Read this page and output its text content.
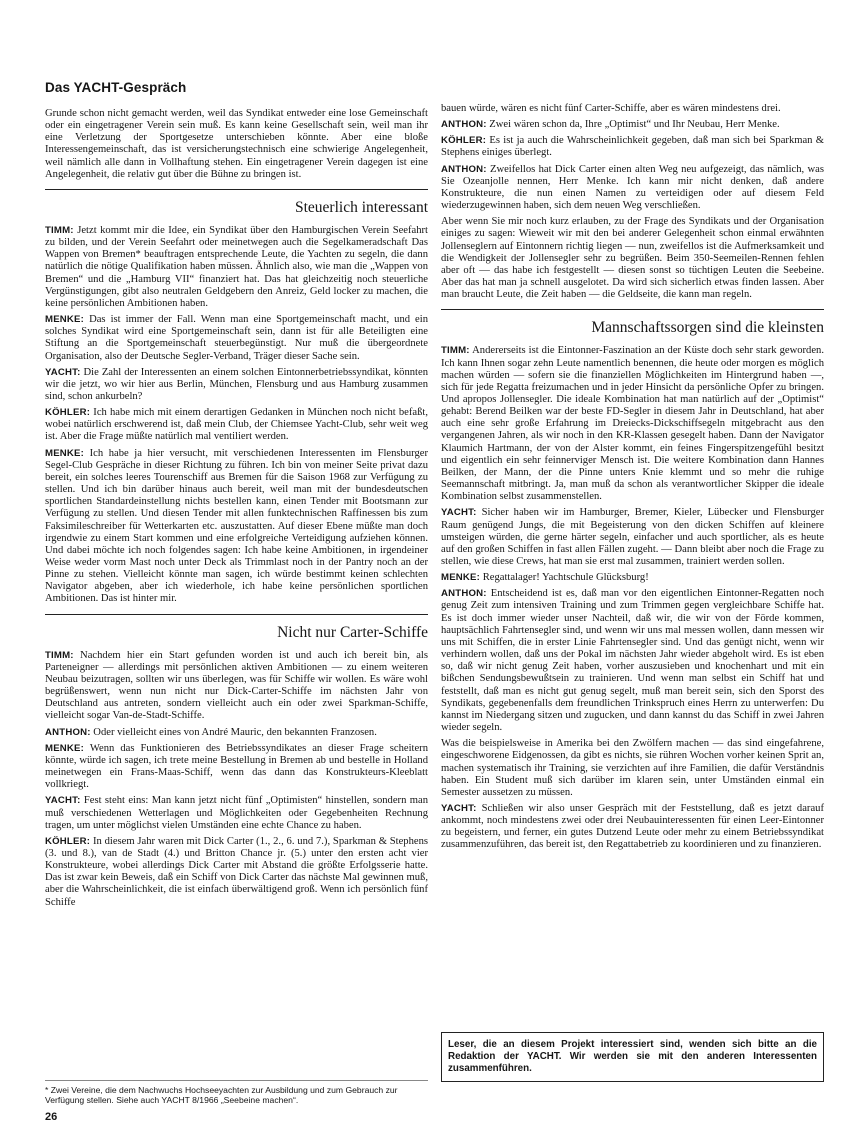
Das YACHT-Gespräch

Grunde schon nicht gemacht werden, weil das Syndikat entweder eine lose Gemeinschaft oder ein eingetragener Verein sein muß. Es kann keine Gesellschaft sein, weil man ihr eine Verletzung der Sportgesetze unterschieben könnte. Aber eine bloße Interessengemeinschaft, das ist versicherungstechnisch eine schwierige Angelegenheit, weil nämlich alle dann in Vollhaftung stehen. Ein eingetragener Verein dagegen ist eine Angelegenheit, die relativ gut über die Bühne zu bringen ist.

Steuerlich interessant

TIMM: Jetzt kommt mir die Idee, ein Syndikat über den Hamburgischen Verein Seefahrt zu bilden, und der Verein Seefahrt oder meinetwegen auch die Segelkameradschaft Das Wappen von Bremen* beauftragen entsprechende Leute, die Yachten zu segeln, die dann natürlich die nötige Qualifikation haben müssen. Ähnlich also, wie man die „Wappen von Bremen“ und die „Hamburg VII“ finanziert hat. Das hat gleichzeitig noch steuerliche Vergünstigungen, gibt also neutralen Geldgebern den Anreiz, Geld locker zu machen, die keine persönlichen Ambitionen haben.

MENKE: Das ist immer der Fall. Wenn man eine Sportgemeinschaft macht, und ein solches Syndikat wird eine Sportgemeinschaft sein, dann ist für alle Beteiligten eine Stiftung an die Sportgemeinschaft steuerbegünstigt. Nur muß die übergeordnete Organisation, also der Deutsche Segler-Verband, Träger dieser Sache sein.

YACHT: Die Zahl der Interessenten an einem solchen Eintonnerbetriebssyndikat, könnten wir die jetzt, wo wir hier aus Berlin, München, Flensburg und aus Hamburg zusammen sind, schon ankurbeln?

KÖHLER: Ich habe mich mit einem derartigen Gedanken in München noch nicht befaßt, wobei natürlich erschwerend ist, daß mein Club, der Chiemsee Yacht-Club, sehr weit weg ist. Aber die Frage müßte natürlich mal ventiliert werden.

MENKE: Ich habe ja hier versucht, mit verschiedenen Interessenten im Flensburger Segel-Club Gespräche in dieser Richtung zu führen. Ich bin von meiner Seite privat dazu bereit, ein solches leeres Tourenschiff aus Bremen für die Saison 1968 zur Verfügung zu stellen. Und ich bin darüber hinaus auch bereit, weil man mit der bundesdeutschen sportlichen Standardeinstellung nichts bestellen kann, einen Tender mit Bootsmann zur Verfügung zu stellen. Und diesen Tender mit allen funktechnischen Raffinessen bis zum Faksimileschreiber für Wetterkarten etc. auszustatten. Auf dieser Ebene müßte man doch irgendwie zu einem Start kommen und eine erfolgreiche Verteidigung aufziehen können. Und dabei möchte ich noch folgendes sagen: Ich habe keine Ambitionen, in irgendeiner Weise weder vorm Mast noch unter Deck als Trimmlast noch in der Pantry noch an der Pinne zu stehen. Vielleicht könnte man sagen, ich würde bestimmt keinen schlechten Navigator abgeben, aber ich wiederhole, ich habe keine persönlichen sportlichen Ambitionen. Das ist hinter mir.

Nicht nur Carter-Schiffe

TIMM: Nachdem hier ein Start gefunden worden ist und auch ich bereit bin, als Parteneigner — allerdings mit persönlichen aktiven Ambitionen — zu einem weiteren Neubau beizutragen, sollten wir uns überlegen, was für Schiffe wir wollen. Es wäre wohl begrüßenswert, wenn nun nicht nur Dick-Carter-Schiffe im nächsten Jahr von Deutschland aus antreten, sondern vielleicht auch ein oder zwei Sparkman-Schiffe, vielleicht sogar Van-de-Stadt-Schiffe.

ANTHON: Oder vielleicht eines von André Mauric, den bekannten Franzosen.

MENKE: Wenn das Funktionieren des Betriebssyndikates an dieser Frage scheitern könnte, würde ich sagen, ich trete meine Bestellung in Bremen ab und bestelle in Holland meinetwegen ein Frans-Maas-Schiff, wenn das dann das Konstrukteurs-Kleeblatt vollkriegt.

YACHT: Fest steht eins: Man kann jetzt nicht fünf „Optimisten“ hinstellen, sondern man muß verschiedenen Wetterlagen und Möglichkeiten oder Gegebenheiten Rechnung tragen, um unter möglichst vielen Umständen eine echte Chance zu haben.

KÖHLER: In diesem Jahr waren mit Dick Carter (1., 2., 6. und 7.), Sparkman & Stephens (3. und 8.), van de Stadt (4.) und Britton Chance jr. (5.) unter den ersten acht vier Konstrukteure, wobei allerdings Dick Carter mit Abstand die größte Erfolgsserie hatte. Das ist zwar kein Beweis, daß ein Schiff von Dick Carter das nächste Mal gewinnen muß, aber die Wahrscheinlichkeit, die ist einfach überwältigend groß. Wenn ich persönlich fünf Schiffe

bauen würde, wären es nicht fünf Carter-Schiffe, aber es wären mindestens drei.

ANTHON: Zwei wären schon da, Ihre „Optimist“ und Ihr Neubau, Herr Menke.

KÖHLER: Es ist ja auch die Wahrscheinlichkeit gegeben, daß man sich bei Sparkman & Stephens einiges überlegt.

ANTHON: Zweifellos hat Dick Carter einen alten Weg neu aufgezeigt, das nämlich, was Sie Ozeanjolle nennen, Herr Menke. Ich kann mir nicht denken, daß andere Konstrukteure, die nun einen Namen zu verteidigen oder auf diesem Feld wiederzugewinnen haben, sich dem neuen Weg verschließen.

Aber wenn Sie mir noch kurz erlauben, zu der Frage des Syndikats und der Organisation einiges zu sagen: Wieweit wir mit den bei anderer Gelegenheit schon einmal erwähnten Jollenseglern auf Eintonnern richtig liegen — nun, zweifellos ist die Aufmerksamkeit und die Wendigkeit der Jollensegler sehr zu begrüßen. Beim 350-Seemeilen-Rennen fehlen aber oft — das habe ich festgestellt — diesen sonst so tüchtigen Leuten die Seebeine. Aber das hat man ja schnell ausgelotet. Da wird sich sicherlich etwas finden lassen. Aber man braucht Leute, die Zeit haben — die Geldseite, die kann man regeln.

Mannschaftssorgen sind die kleinsten

TIMM: Andererseits ist die Eintonner-Faszination an der Küste doch sehr stark geworden. Ich kann Ihnen sogar zehn Leute namentlich benennen, die heute oder morgen es möglich machen würden — sofern sie die finanziellen Möglichkeiten im Hintergrund haben —, sich für jede Regatta freizumachen und in jeder Hinsicht da persönliche Opfer zu bringen. Und apropos Jollensegler. Die ideale Kombination hat man natürlich auf der „Optimist“ gehabt: Berend Beilken war der beste FD-Segler in diesem Jahr in Deutschland, hat aber auch eine sehr große Erfahrung im Dreiecks-Dickschiffsegeln mitgebracht aus den vergangenen Jahren, als wir noch in den KR-Klassen gesegelt haben. Dann der Navigator Klaumich Hartmann, der von der Alster kommt, ein feines Fingerspitzengefühl besitzt und eigentlich ein sehr feinnerviger Mensch ist. Die weitere Kombination dann Hannes Beilken, der Mann, der die Pinne unters Knie klemmt und so mehr die ruhige Seemannschaft mitbringt. Ja, man muß da schon als verantwortlicher Skipper die ideale Kombination selbst zusammenstellen.

YACHT: Sicher haben wir im Hamburger, Bremer, Kieler, Lübecker und Flensburger Raum genügend Jungs, die mit Begeisterung von den dicken Schiffen auf kleinere umsteigen würden, die gerne härter segeln, einfacher und auch sportlicher, als es heute auf den großen Schiffen in fast allen Fällen zugeht. — Dann bleibt aber noch die Frage zu stellen, wie diese Crews, hat man sie erst mal zusammen, trainiert werden sollen.

MENKE: Regattalager! Yachtschule Glücksburg!

ANTHON: Entscheidend ist es, daß man vor den eigentlichen Eintonner-Regatten noch genug Zeit zum intensiven Training und zum Trimmen gegen vergleichbare Schiffe hat. Es ist doch immer wieder unser Nachteil, daß wir, die wir von der Förde kommen, hauptsächlich Fahrtensegler sind, und wenn wir uns mal messen wollen, dann messen wir uns mit Schiffen, die in erster Linie Fahrtensegler sind. Und das genügt nicht, wenn wir verhindern wollen, daß uns der Pokal im nächsten Jahr wieder abgeholt wird. Es ist eben so, daß wir nicht genug Zeit haben, vorher auszusieben und knochenhart und mit ein bißchen Sendungsbewußtsein zu trainieren. Und wenn man selbst ein Schiff hat und feststellt, daß man es nicht gut genug segelt, muß man bereit sein, sich den Sporst des Syndikats, gegebenenfalls dem freundlichen Trinkspruch eines Herrn zu unterwerfen: Du kannst im Niedergang sitzen und zugucken, und dann kannst du das Schiff in zwei Jahren wieder segeln.

Was die beispielsweise in Amerika bei den Zwölfern machen — das sind eingefahrene, eingeschworene Eidgenossen, da gibt es nichts, sie rühren Wochen vorher keinen Sprit an, machen systematisch ihr Training, sie verzichten auf ihre Familien, die dafür Verständnis haben. Ein Student muß sich darüber im klaren sein, unter Umständen einmal ein Semester aussetzen zu müssen.

YACHT: Schließen wir also unser Gespräch mit der Feststellung, daß es jetzt darauf ankommt, noch mindestens zwei oder drei Neubauinteressenten für einen Leer-Eintonner zu begeistern, und ferner, ein gutes Dutzend Leute oder mehr zu einem Betriebssyndikat zusammenzuführen, das bereit ist, den Regattabetrieb zu koordinieren und zu finanzieren.

* Zwei Vereine, die dem Nachwuchs Hochseeyachten zur Ausbildung und zum Gebrauch zur Verfügung stellen. Siehe auch YACHT 8/1966 „Seebeine machen“.
26
Leser, die an diesem Projekt interessiert sind, wenden sich bitte an die Redaktion der YACHT. Wir werden sie mit den anderen Interessenten zusammenführen.
